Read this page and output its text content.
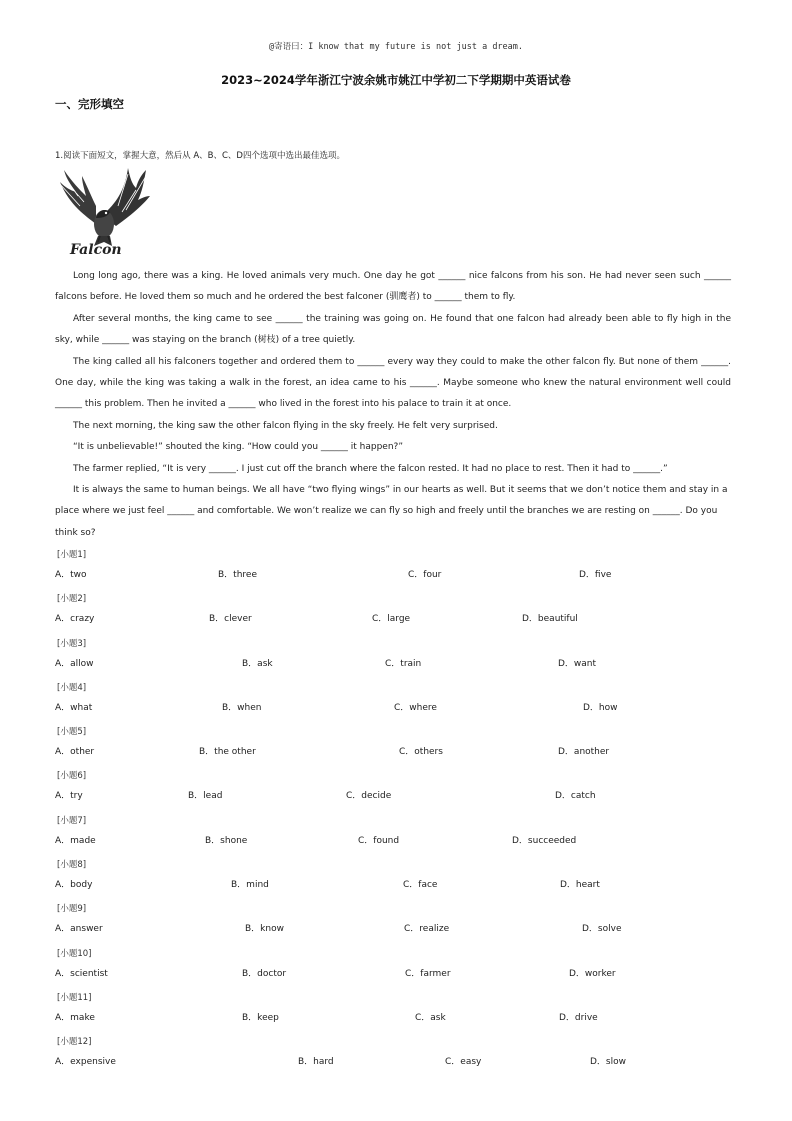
@寄语曰：I know that my future is not just a dream.
2023~2024学年浙江宁波余姚市姚江中学初二下学期期中英语试卷
一、完形填空
1.阅读下面短文，掌握大意，然后从 A、B、C、D四个选项中选出最佳选项。
Falcon

Long long ago, there was a king. He loved animals very much. One day he got ______ nice falcons from his son. He had never seen such ______ falcons before. He loved them so much and he ordered the best falconer (驯鹰者) to ______ them to fly.

After several months, the king came to see ______ the training was going on. He found that one falcon had already been able to fly high in the sky, while ______ was staying on the branch (树枝) of a tree quietly.

The king called all his falconers together and ordered them to ______ every way they could to make the other falcon fly. But none of them ______. One day, while the king was taking a walk in the forest, an idea came to his ______. Maybe someone who knew the natural environment well could ______ this problem. Then he invited a ______ who lived in the forest into his palace to train it at once.

The next morning, the king saw the other falcon flying in the sky freely. He felt very surprised.

“It is unbelievable!” shouted the king. “How could you ______ it happen?”

The farmer replied, “It is very ______. I just cut off the branch where the falcon rested. It had no place to rest. Then it had to ______.”

It is always the same to human beings. We all have “two flying wings” in our hearts as well. But it seems that we don’t notice them and stay in a place where we just feel ______ and comfortable. We won’t realize we can fly so high and freely until the branches we are resting on ______. Do you think so?

[小题1]
A．two	B．three	C．four	D．five
[小题2]
A．crazy	B．clever	C．large	D．beautiful
[小题3]
A．allow	B．ask	C．train	D．want
[小题4]
A．what	B．when	C．where	D．how
[小题5]
A．other	B．the other	C．others	D．another
[小题6]
A．try	B．lead	C．decide	D．catch
[小题7]
A．made	B．shone	C．found	D．succeeded
[小题8]
A．body	B．mind	C．face	D．heart
[小题9]
A．answer	B．know	C．realize	D．solve
[小题10]
A．scientist	B．doctor	C．farmer	D．worker
[小题11]
A．make	B．keep	C．ask	D．drive
[小题12]
A．expensive	B．hard	C．easy	D．slow
